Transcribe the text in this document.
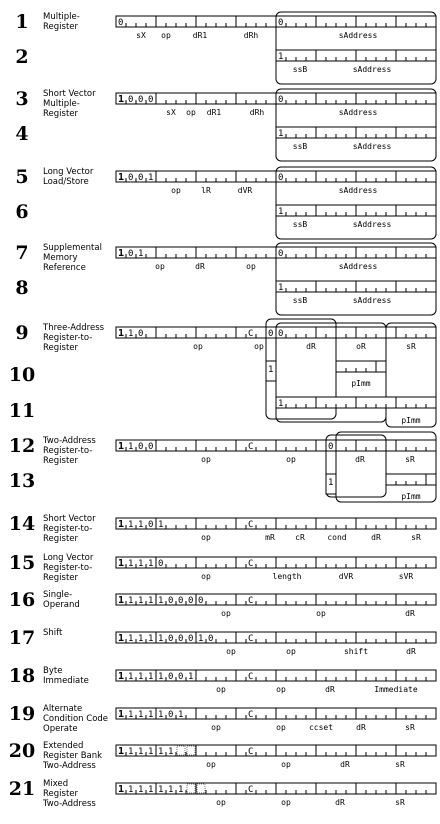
1
2
Multiple-
Register	0
sX op	dR1	dRh
0
sAddress
1
ssB	sAddress
3
4
Short Vector
Multiple-
Register
1 0 0 0
sX op dR1	dRh
0
sAddress
1
ssB	sAddress
5
6
Long Vector
Load/Store	1 0 0 1
op	lR	dVR
0
sAddress
1
ssB	sAddress
7
8
Supplemental
Memory
Reference
1 0 1
op	dR	op
0
sAddress
1
ssB	sAddress
9
10
11
Three-Address
Register-to-
Register
1 1 0	C
op	op
0 0
dR	oR	sR
1
pImm
1
pImm
12
13
Two-Address
Register-to-
Register
1 1 0 0	C
op	op	dR	sR
0
1
pImm
14 Short Vector
Register-to-
Register
1 1 1 0 1	C
op	mR	cR	cond	dR	sR
15 Long Vector
Register-to-
Register
1 1 1 1 0	C
op	length	dVR	sVR
16 Single-
Operand	1 1 1 1 1 0 0 0 0	C
op	op	dR
17 Shift	1 1 1 1 1 0 0 0 1 0	C
op	op	shift	dR
18 Byte
Immediate	1 1 1 1 1 0 0 1	C
op	op	dR	Immediate
19 Alternate
Condition Code
Operate
1 1 1 1 1 0 1	C
op	op	ccset	dR	sR
20 Extended
Register Bank
Two-Address
1 1 1 1 1 1	C
op	op	dR	sR
21 Mixed
Register
Two-Address
1 1 1 1 1 1 1	C
op	op	dR	sR
